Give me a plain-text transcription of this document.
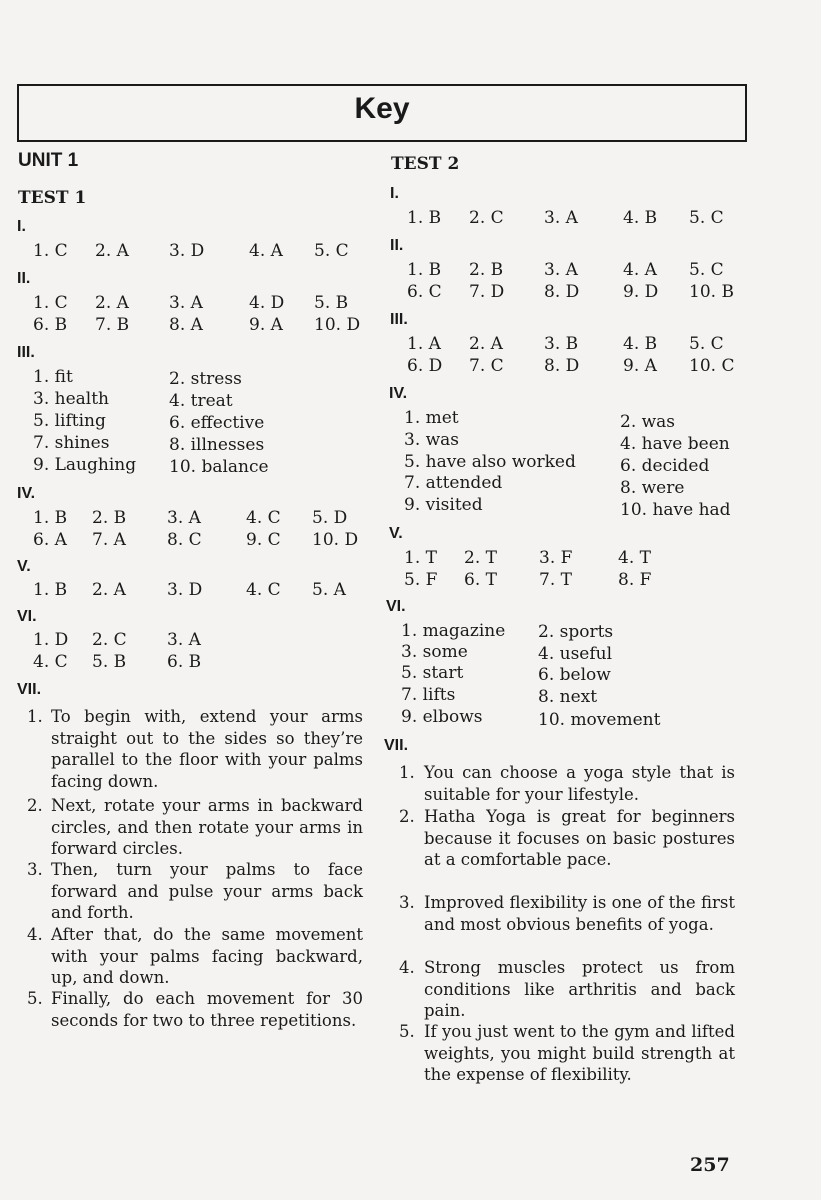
Key
UNIT 1
TEST 1
I.
1. C 2. A 3. D	4. A 5. C
II.
1. C 2. A 3. A	4. D 5. B
6. B 7. B 8. A	9. A 10. D
III.
1. fit	2. stress
3. health	4. treat
5. lifting	6. effective
7. shines	8. illnesses
9. Laughing 10. balance
IV.
1. B 2. B 3. A	4. C 5. D
6. A 7. A 8. C	9. C 10. D
V.
1. B 2. A 3. D	4. C 5. A
VI.
1. D 2. C 3. A
4. C 5. B 6. B
VII.
1. To begin with, extend your arms straight out to the sides so they’re parallel to the floor with your palms facing down.
2. Next, rotate your arms in backward circles, and then rotate your arms in forward circles.
3. Then, turn your palms to face forward and pulse your arms back and forth.
4. After that, do the same movement with your palms facing backward, up, and down.
5. Finally, do each movement for 30 seconds for two to three repetitions.
TEST 2
I.
1. B 2. C 3. A	4. B 5. C
II.
1. B 2. B 3. A	4. A 5. C
6. C 7. D 8. D	9. D 10. B
III.
1. A 2. A 3. B	4. B 5. C
6. D 7. C 8. D	9. A 10. C
IV.
1. met	2. was
3. was	4. have been
5. have also worked	6. decided
7. attended	8. were
9. visited	10. have had
V.
1. T 2. T 3. F	4. T
5. F 6. T 7. T	8. F
VI.
1. magazine 2. sports
3. some	4. useful
5. start	6. below
7. lifts	8. next
9. elbows	10. movement
VII.
1. You can choose a yoga style that is suitable for your lifestyle.
2. Hatha Yoga is great for beginners because it focuses on basic postures at a comfortable pace.
3. Improved flexibility is one of the first and most obvious benefits of yoga.
4. Strong muscles protect us from conditions like arthritis and back pain.
5. If you just went to the gym and lifted weights, you might build strength at the expense of flexibility.
257
